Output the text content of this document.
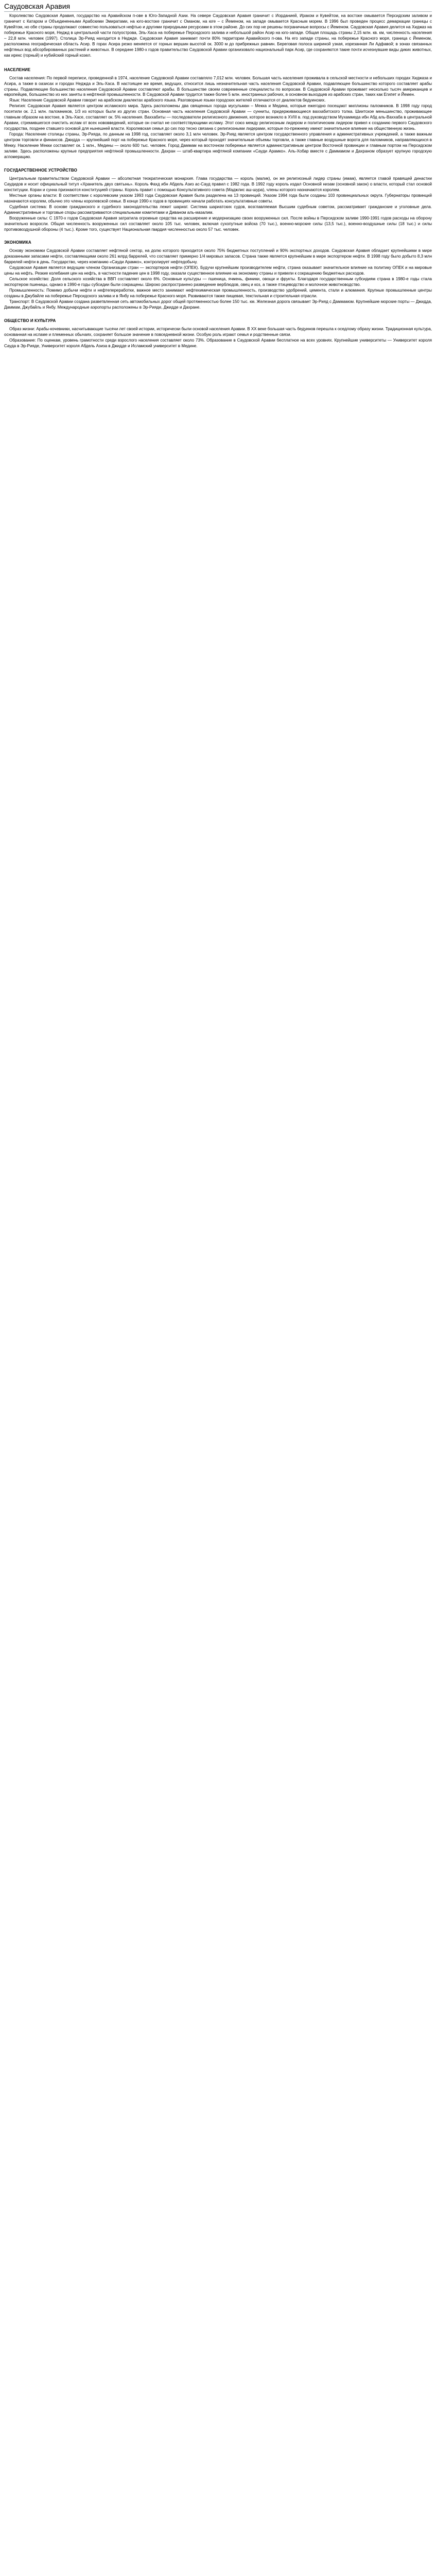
Саудовская Аравия

Королевство Саудовская Аравия, государство на Аравийском п-ове в Юго-Западной Азии. На севере Саудовская Аравия граничит с Иорданией, Ираком и Кувейтом, на востоке омывается Персидским заливом и граничит с Катаром и Объединенными Арабскими Эмиратами, на юго-востоке граничит с Оманом, на юге – с Йеменом, на западе омывается Красным морем. В 1996 был проведен процесс демаркации границы с Кувейтом, но обе страны продолжают совместно пользоваться нефтью и другими природными ресурсами в этом районе. До сих пор не решены пограничные вопросы с Йеменом. Саудовская Аравия делится на Хиджаз на побережье Красного моря, Неджд в центральной части полуострова, Эль-Хаса на побережье Персидского залива и небольшой район Асир на юго-западе. Общая площадь страны 2,15 млн. кв. км, численность населения – 22,8 млн. человек (1997). Столица Эр-Рияд находится в Неджде. Саудовская Аравия занимает почти 80% территории Аравийского п-ова. На его западе страны, на побережье Красного моря, граница с Йеменом, расположена географическая область Асир. В горах Асира резко меняется от горных вершин высотой ок. 3000 м до прибрежных равнин. Береговая полоса шириной узкая, изрезанная Ли Адфавой; в зонах связанных нефтяных вод абсорбированных растений и животных. В середине 1980-х годов правительство Саудовской Аравии организовало национальный парк Асир, где сохраняются такие почти исчезнувшие виды диких животных, как ирекс (горный) и нубийский горный козел.

НАСЕЛЕНИЕ

Состав населения: По первой переписи, проведенной в 1974, население Саудовской Аравии составляло 7,012 млн. человек. Большая часть населения проживала в сельской местности и небольших городах Хиджаза и Асира, а также в оазисах и городах Неджда и Эль-Хаса. В настоящее же время, ведущих, относится лишь незначительная часть населения Саудовской Аравии, подавляющее большинство которого составляет арабы страны. Подавляющее большинство населения Саудовской Аравии составляют арабы. В большинстве своем современные специалисты по вопросам. В Саудовской Аравии проживает несколько тысяч американцев и европейцев, большинство из них заняты в нефтяной промышленности. В Саудовской Аравии трудится также более 5 млн. иностранных рабочих, в основном выходцев из арабских стран, таких как Египет и Йемен.

Язык: Население Саудовской Аравии говорит на арабском диалектах арабского языка. Разговорные языки городских жителей отличаются от диалектов бедуинских.

Религия: Саудовская Аравия является центром исламского мира. Здесь расположены два священных города мусульман – Мекка и Медина, которые ежегодно посещают миллионы паломников. В 1998 году город посетили ок. 2,1 млн. паломников, 1/3 из которых были из других стран. Основная часть населения Саудовской Аравии — сунниты, придерживающиеся ваххабитского толка. Шиитское меньшинство, проживающее главным образом на востоке, в Эль-Хасе, составляет ок. 5% населения. Ваххабиты — последователи религиозного движения, которое возникло в XVIII в. под руководством Мухаммеда ибн Абд аль-Ваххаба в центральной Аравии, стремившегося очистить ислам от всех нововведений, которые он считал не соответствующими исламу. Этот союз между религиозным лидером и политическим лидером привел к созданию первого Саудовского государства, позднее ставшего основой для нынешней власти. Королевская семья до сих пор тесно связана с религиозными лидерами, которые по-прежнему имеют значительное влияние на общественную жизнь.

Города: Население столицы страны, Эр-Рияда, по данным на 1998 год, составляет около 3,1 млн человек. Эр-Рияд является центром государственного управления и административных учреждений, а также важным центром торговли и финансов. Джидда — крупнейший порт на побережье Красного моря, через который проходят значительные объемы торговли, а также главные воздушные ворота для паломников, направляющихся в Мекку. Население Мекки составляет ок. 1 млн., Медины — около 600 тыс. человек. Город Даммам на восточном побережье является административным центром Восточной провинции и главным портом на Персидском заливе. Здесь расположены крупные предприятия нефтяной промышленности. Дахран — штаб-квартира нефтяной компании «Сауди Арамко». Аль-Хобар вместе с Даммамом и Дахраном образует крупную городскую агломерацию.

ГОСУДАРСТВЕННОЕ УСТРОЙСТВО

Центральным правительством Саудовской Аравии — абсолютная теократическая монархия. Глава государства — король (малик), он же религиозный лидер страны (имам), является главой правящей династии Саудидов и носит официальный титул «Хранитель двух святынь». Король Фахд ибн Абдель Азиз ас-Сауд правил с 1982 года. В 1992 году король издал Основной низам (основной закон) о власти, который стал основой конституции. Коран и сунна признаются конституцией страны. Король правит с помощью Консультативного совета (Маджлис аш-шура), члены которого назначаются королем.

Местные органы власти: В соответствии с королевским указом 1993 года Саудовская Аравия была разделена на 13 провинций. Указом 1994 года были созданы 103 провинциальных округа. Губернаторы провинций назначаются королем, обычно это члены королевской семьи. В конце 1990-х годов в провинциях начали работать консультативные советы.

Судебная система: В основе гражданского и судебного законодательства лежит шариат. Система шариатских судов, возглавляемая Высшим судебным советом, рассматривает гражданские и уголовные дела. Административные и торговые споры рассматриваются специальными комитетами и Диваном аль-мазалим.

Вооруженные силы: С 1970-х годов Саудовская Аравия затратила огромные средства на расширение и модернизацию своих вооруженных сил. После войны в Персидском заливе 1990-1991 годов расходы на оборону значительно возросли. Общая численность вооруженных сил составляет около 105 тыс. человек, включая сухопутные войска (70 тыс.), военно-морские силы (13,5 тыс.), военно-воздушные силы (18 тыс.) и силы противовоздушной обороны (4 тыс.). Кроме того, существует Национальная гвардия численностью около 57 тыс. человек.

ЭКОНОМИКА

Основу экономики Саудовской Аравии составляет нефтяной сектор, на долю которого приходится около 75% бюджетных поступлений и 90% экспортных доходов. Саудовская Аравия обладает крупнейшими в мире доказанными запасами нефти, составляющими около 261 млрд баррелей, что составляет примерно 1/4 мировых запасов. Страна также является крупнейшим в мире экспортером нефти. В 1998 году было добыто 8,3 млн баррелей нефти в день. Государство, через компанию «Сауди Арамко», контролирует нефтедобычу.

Саудовская Аравия является ведущим членом Организации стран — экспортеров нефти (ОПЕК). Будучи крупнейшим производителем нефти, страна оказывает значительное влияние на политику ОПЕК и на мировые цены на нефть. Резкие колебания цен на нефть, в частности падение цен в 1998 году, оказали существенное влияние на экономику страны и привели к сокращению бюджетных расходов.

Сельское хозяйство: Доля сельского хозяйства в ВВП составляет около 6%. Основные культуры — пшеница, ячмень, финики, овощи и фрукты. Благодаря государственным субсидиям страна в 1980-е годы стала экспортером пшеницы, однако в 1990-е годы субсидии были сокращены. Широко распространено разведение верблюдов, овец и коз, а также птицеводство и молочное животноводство.

Промышленность: Помимо добычи нефти и нефтепереработки, важное место занимают нефтехимическая промышленность, производство удобрений, цемента, стали и алюминия. Крупные промышленные центры созданы в Джубайле на побережье Персидского залива и в Янбу на побережье Красного моря. Развиваются также пищевая, текстильная и строительная отрасли.

Транспорт: В Саудовской Аравии создана разветвленная сеть автомобильных дорог общей протяженностью более 150 тыс. км. Железная дорога связывает Эр-Рияд с Даммамом. Крупнейшие морские порты — Джидда, Даммам, Джубайль и Янбу. Международные аэропорты расположены в Эр-Рияде, Джидде и Дахране.

ОБЩЕСТВО И КУЛЬТУРА

Образ жизни: Арабы-кочевники, насчитывающие тысячи лет своей истории, исторически были основой населения Аравии. В XX веке большая часть бедуинов перешла к оседлому образу жизни. Традиционная культура, основанная на исламе и племенных обычаях, сохраняет большое значение в повседневной жизни. Особую роль играют семья и родственные связи.

Образование: По оценкам, уровень грамотности среди взрослого населения составляет около 73%. Образование в Саудовской Аравии бесплатное на всех уровнях. Крупнейшие университеты — Университет короля Сауда в Эр-Рияде, Университет короля Абдель Азиза в Джидде и Исламский университет в Медине.
